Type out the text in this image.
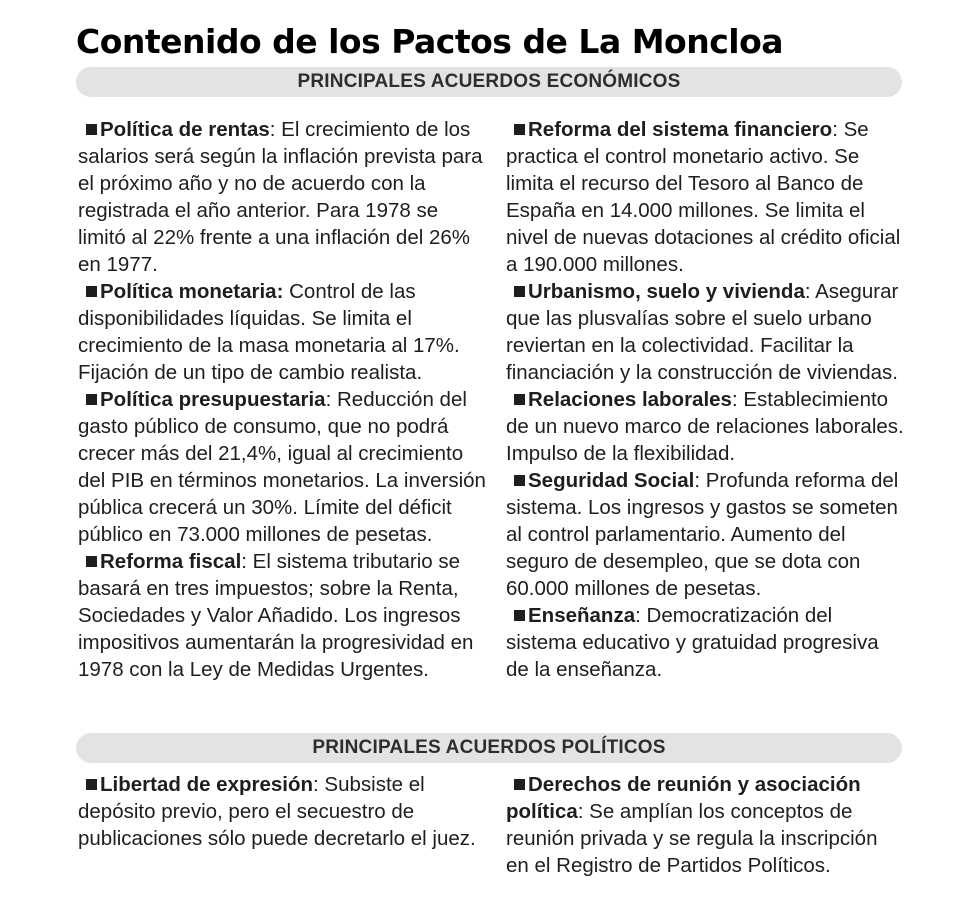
Contenido de los Pactos de La Moncloa
PRINCIPALES ACUERDOS ECONÓMICOS

Política de rentas: El crecimiento de los salarios será según la inflación prevista para el próximo año y no de acuerdo con la registrada el año anterior. Para 1978 se limitó al 22% frente a una inflación del 26% en 1977.

Política monetaria: Control de las disponibilidades líquidas. Se limita el crecimiento de la masa monetaria al 17%. Fijación de un tipo de cambio realista.

Política presupuestaria: Reducción del gasto público de consumo, que no podrá crecer más del 21,4%, igual al crecimiento del PIB en términos monetarios. La inversión pública crecerá un 30%. Límite del déficit público en 73.000 millones de pesetas.

Reforma fiscal: El sistema tributario se basará en tres impuestos; sobre la Renta, Sociedades y Valor Añadido. Los ingresos impositivos aumentarán la progresividad en 1978 con la Ley de Medidas Urgentes.

Reforma del sistema financiero: Se practica el control monetario activo. Se limita el recurso del Tesoro al Banco de España en 14.000 millones. Se limita el nivel de nuevas dotaciones al crédito oficial a 190.000 millones.

Urbanismo, suelo y vivienda: Asegurar que las plusvalías sobre el suelo urbano reviertan en la colectividad. Facilitar la financiación y la construcción de viviendas.

Relaciones laborales: Establecimiento de un nuevo marco de relaciones laborales. Impulso de la flexibilidad.

Seguridad Social: Profunda reforma del sistema. Los ingresos y gastos se someten al control parlamentario. Aumento del seguro de desempleo, que se dota con 60.000 millones de pesetas.

Enseñanza: Democratización del sistema educativo y gratuidad progresiva de la enseñanza.

PRINCIPALES ACUERDOS POLÍTICOS

Libertad de expresión: Subsiste el depósito previo, pero el secuestro de publicaciones sólo puede decretarlo el juez.

Derechos de reunión y asociación política: Se amplían los conceptos de reunión privada y se regula la inscripción en el Registro de Partidos Políticos.
